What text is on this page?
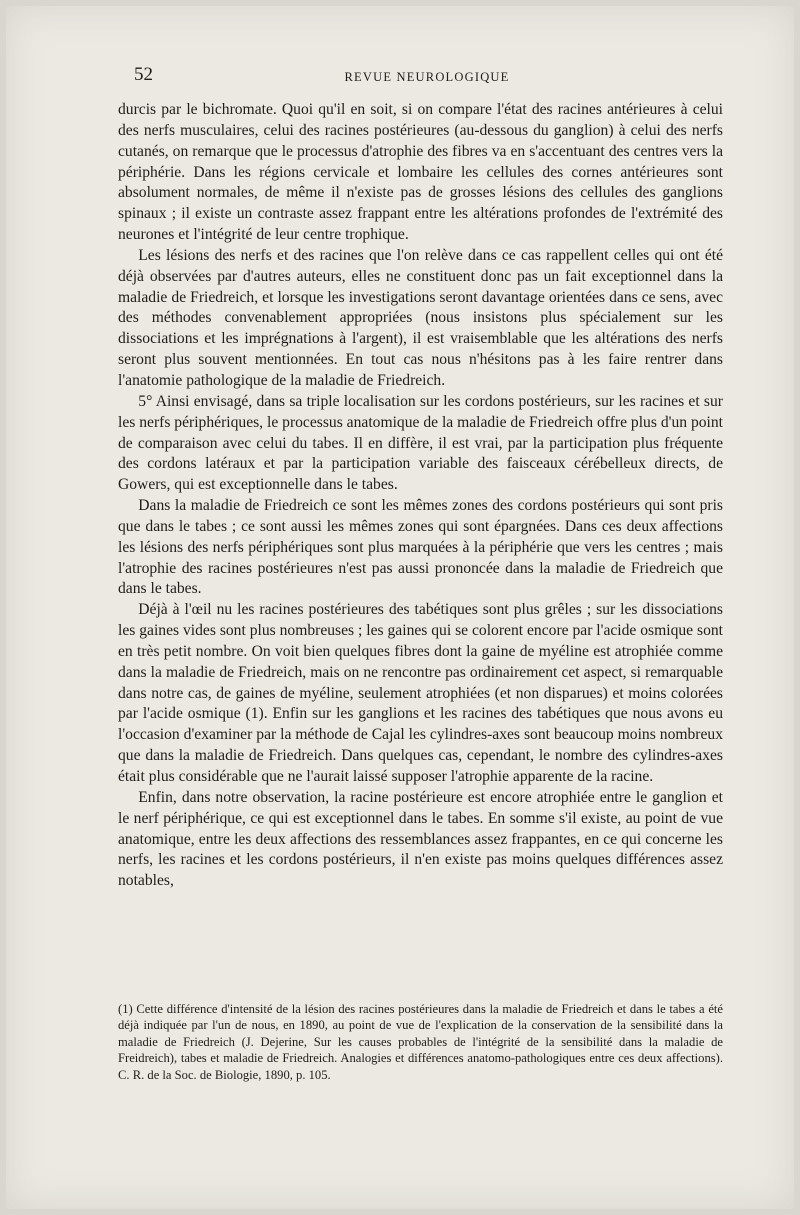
52	REVUE NEUROLOGIQUE

durcis par le bichromate. Quoi qu'il en soit, si on compare l'état des racines antérieures à celui des nerfs musculaires, celui des racines postérieures (au-dessous du ganglion) à celui des nerfs cutanés, on remarque que le processus d'atrophie des fibres va en s'accentuant des centres vers la périphérie. Dans les régions cervicale et lombaire les cellules des cornes antérieures sont absolument normales, de même il n'existe pas de grosses lésions des cellules des ganglions spinaux ; il existe un contraste assez frappant entre les altérations profondes de l'extrémité des neurones et l'intégrité de leur centre trophique.

Les lésions des nerfs et des racines que l'on relève dans ce cas rappellent celles qui ont été déjà observées par d'autres auteurs, elles ne constituent donc pas un fait exceptionnel dans la maladie de Friedreich, et lorsque les investigations seront davantage orientées dans ce sens, avec des méthodes convenablement appropriées (nous insistons plus spécialement sur les dissociations et les imprégnations à l'argent), il est vraisemblable que les altérations des nerfs seront plus souvent mentionnées. En tout cas nous n'hésitons pas à les faire rentrer dans l'anatomie pathologique de la maladie de Friedreich.

5° Ainsi envisagé, dans sa triple localisation sur les cordons postérieurs, sur les racines et sur les nerfs périphériques, le processus anatomique de la maladie de Friedreich offre plus d'un point de comparaison avec celui du tabes. Il en diffère, il est vrai, par la participation plus fréquente des cordons latéraux et par la participation variable des faisceaux cérébelleux directs, de Gowers, qui est exceptionnelle dans le tabes.

Dans la maladie de Friedreich ce sont les mêmes zones des cordons postérieurs qui sont pris que dans le tabes ; ce sont aussi les mêmes zones qui sont épargnées. Dans ces deux affections les lésions des nerfs périphériques sont plus marquées à la périphérie que vers les centres ; mais l'atrophie des racines postérieures n'est pas aussi prononcée dans la maladie de Friedreich que dans le tabes.

Déjà à l'œil nu les racines postérieures des tabétiques sont plus grêles ; sur les dissociations les gaines vides sont plus nombreuses ; les gaines qui se colorent encore par l'acide osmique sont en très petit nombre. On voit bien quelques fibres dont la gaine de myéline est atrophiée comme dans la maladie de Friedreich, mais on ne rencontre pas ordinairement cet aspect, si remarquable dans notre cas, de gaines de myéline, seulement atrophiées (et non disparues) et moins colorées par l'acide osmique (1). Enfin sur les ganglions et les racines des tabétiques que nous avons eu l'occasion d'examiner par la méthode de Cajal les cylindres-axes sont beaucoup moins nombreux que dans la maladie de Friedreich. Dans quelques cas, cependant, le nombre des cylindres-axes était plus considérable que ne l'aurait laissé supposer l'atrophie apparente de la racine.

Enfin, dans notre observation, la racine postérieure est encore atrophiée entre le ganglion et le nerf périphérique, ce qui est exceptionnel dans le tabes. En somme s'il existe, au point de vue anatomique, entre les deux affections des ressemblances assez frappantes, en ce qui concerne les nerfs, les racines et les cordons postérieurs, il n'en existe pas moins quelques différences assez notables,

(1) Cette différence d'intensité de la lésion des racines postérieures dans la maladie de Friedreich et dans le tabes a été déjà indiquée par l'un de nous, en 1890, au point de vue de l'explication de la conservation de la sensibilité dans la maladie de Friedreich (J. Dejerine, Sur les causes probables de l'intégrité de la sensibilité dans la maladie de Freidreich), tabes et maladie de Friedreich. Analogies et différences anatomo-pathologiques entre ces deux affections). C. R. de la Soc. de Biologie, 1890, p. 105.
